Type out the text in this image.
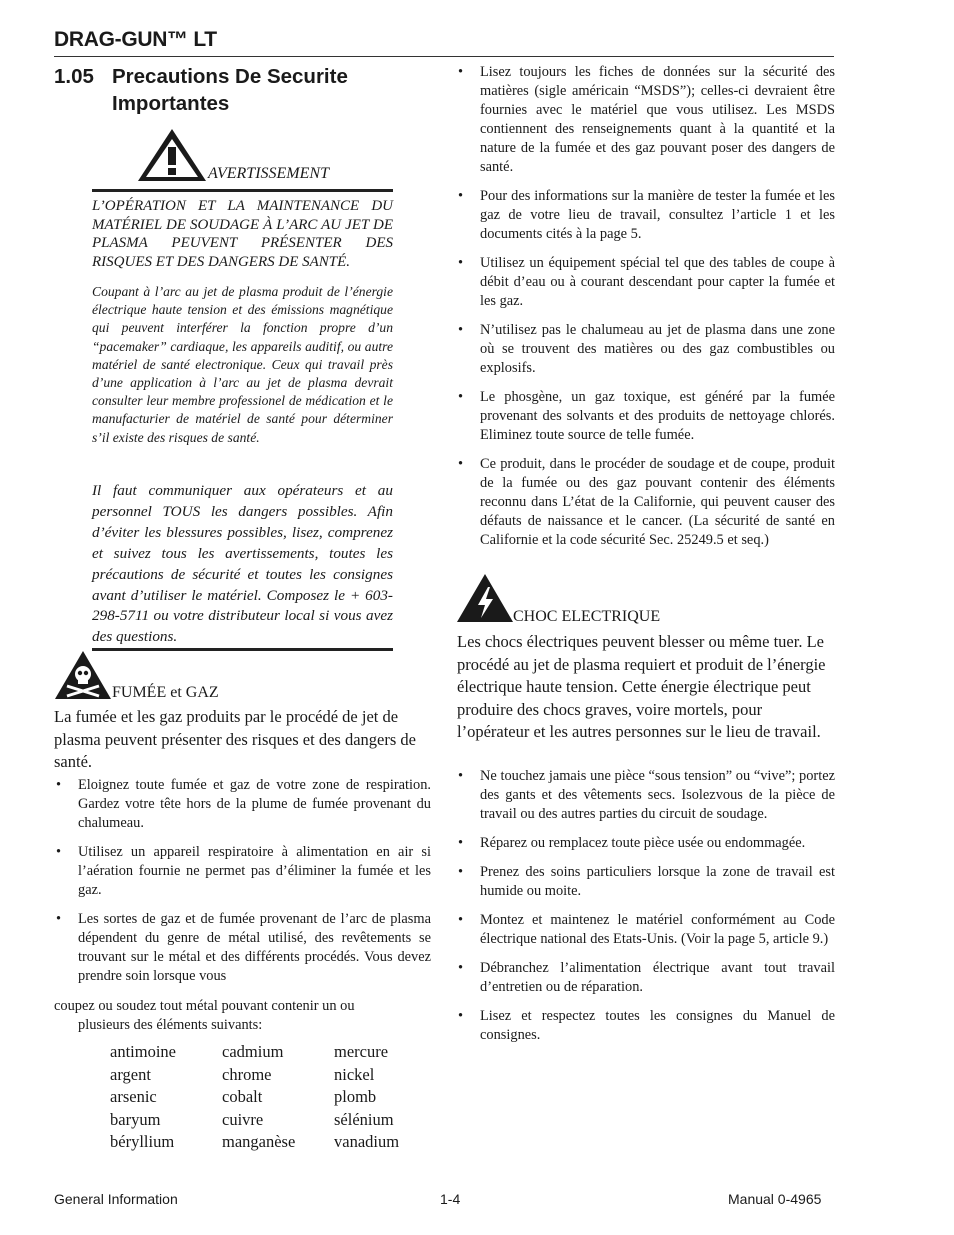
DRAG-GUN™ LT
1.05 Precautions De Securite Importantes
AVERTISSEMENT
L’OPÉRATION ET LA MAINTENANCE DU MATÉRIEL DE SOUDAGE À L’ARC AU JET DE PLASMA PEUVENT PRÉSENTER DES RISQUES ET DES DANGERS DE SANTÉ.
Coupant à l’arc au jet de plasma produit de l’énergie électrique haute tension et des émissions magnétique qui peuvent interférer la fonction propre d’un “pacemaker” cardiaque, les appareils auditif, ou autre matériel de santé electronique. Ceux qui travail près d’une application à l’arc au jet de plasma devrait consulter leur membre professionel de médication et le manufacturier de matériel de santé pour déterminer s’il existe des risques de santé.
Il faut communiquer aux opérateurs et au personnel TOUS les dangers possibles. Afin d’éviter les blessures possibles, lisez, comprenez et suivez tous les avertissements, toutes les précautions de sécurité et toutes les consignes avant d’utiliser le matériel. Composez le + 603-298-5711 ou votre distributeur local si vous avez des questions.
FUMÉE et GAZ
La fumée et les gaz produits par le procédé de jet de plasma peuvent présenter des risques et des dangers de santé.
• Eloignez toute fumée et gaz de votre zone de respiration. Gardez votre tête hors de la plume de fumée provenant du chalumeau.
• Utilisez un appareil respiratoire à alimentation en air si l’aération fournie ne permet pas d’éliminer la fumée et les gaz.
• Les sortes de gaz et de fumée provenant de l’arc de plasma dépendent du genre de métal utilisé, des revêtements se trouvant sur le métal et des différents procédés. Vous devez prendre soin lorsque vous
coupez ou soudez tout métal pouvant contenir un ou
plusieurs des éléments suivants:
antimoine
argent
arsenic
baryum
béryllium
cadmium
chrome
cobalt
cuivre
manganèse
mercure
nickel
plomb
sélénium
vanadium
• Lisez toujours les fiches de données sur la sécurité des matières (sigle américain “MSDS”); celles-ci devraient être fournies avec le matériel que vous utilisez. Les MSDS contiennent des renseignements quant à la quantité et la nature de la fumée et des gaz pouvant poser des dangers de santé.
• Pour des informations sur la manière de tester la fumée et les gaz de votre lieu de travail, consultez l’article 1 et les documents cités à la page 5.
• Utilisez un équipement spécial tel que des tables de coupe à débit d’eau ou à courant descendant pour capter la fumée et les gaz.
• N’utilisez pas le chalumeau au jet de plasma dans une zone où se trouvent des matières ou des gaz combustibles ou explosifs.
• Le phosgène, un gaz toxique, est généré par la fumée provenant des solvants et des produits de nettoyage chlorés. Eliminez toute source de telle fumée.
• Ce produit, dans le procéder de soudage et de coupe, produit de la fumée ou des gaz pouvant contenir des éléments reconnu dans L’état de la Californie, qui peuvent causer des défauts de naissance et le cancer. (La sécurité de santé en Californie et la code sécurité Sec. 25249.5 et seq.)
CHOC ELECTRIQUE
Les chocs électriques peuvent blesser ou même tuer. Le procédé au jet de plasma requiert et produit de l’énergie électrique haute tension. Cette énergie électrique peut produire des chocs graves, voire mortels, pour l’opérateur et les autres personnes sur le lieu de travail.
• Ne touchez jamais une pièce “sous tension” ou “vive”; portez des gants et des vêtements secs. Isolezvous de la pièce de travail ou des autres parties du circuit de soudage.
• Réparez ou remplacez toute pièce usée ou endommagée.
• Prenez des soins particuliers lorsque la zone de travail est humide ou moite.
• Montez et maintenez le matériel conformément au Code électrique national des Etats-Unis. (Voir la page 5, article 9.)
• Débranchez l’alimentation électrique avant tout travail d’entretien ou de réparation.
• Lisez et respectez toutes les consignes du Manuel de consignes.
General Information	1-4	Manual 0-4965
